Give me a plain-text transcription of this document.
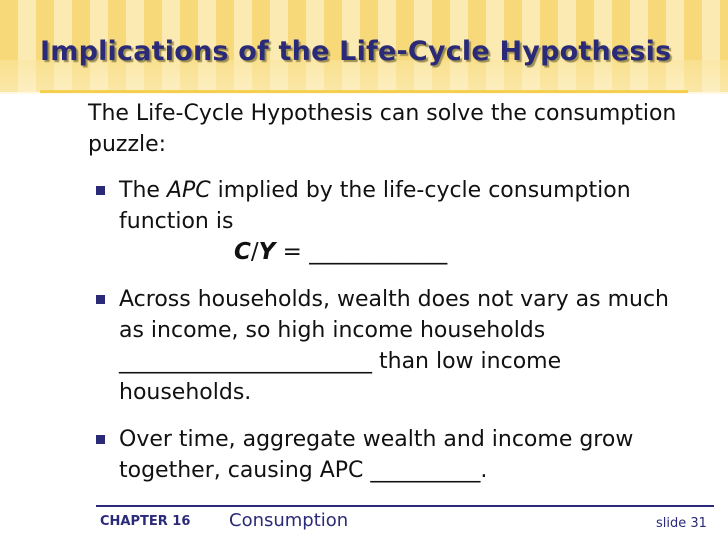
Implications of the Life-Cycle Hypothesis

The Life-Cycle Hypothesis can solve the consumption puzzle:

The APC implied by the life-cycle consumption function is
C/Y = ____________
Across households, wealth does not vary as much as income, so high income households _______________________ than low income households.
Over time, aggregate wealth and income grow together, causing APC __________.
CHAPTER 16 Consumption	slide 31
